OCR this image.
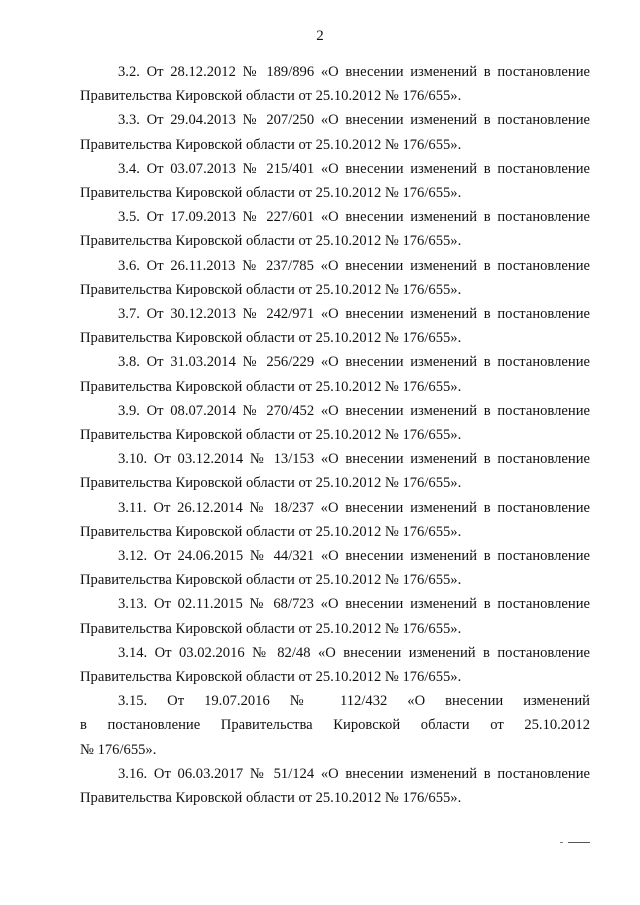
2

3.2. От 28.12.2012 № 189/896 «О внесении изменений в постановление
Правительства Кировской области от 25.10.2012 № 176/655».

3.3. От 29.04.2013 № 207/250 «О внесении изменений в постановление
Правительства Кировской области от 25.10.2012 № 176/655».

3.4. От 03.07.2013 № 215/401 «О внесении изменений в постановление
Правительства Кировской области от 25.10.2012 № 176/655».

3.5. От 17.09.2013 № 227/601 «О внесении изменений в постановление
Правительства Кировской области от 25.10.2012 № 176/655».

3.6. От 26.11.2013 № 237/785 «О внесении изменений в постановление
Правительства Кировской области от 25.10.2012 № 176/655».

3.7. От 30.12.2013 № 242/971 «О внесении изменений в постановление
Правительства Кировской области от 25.10.2012 № 176/655».

3.8. От 31.03.2014 № 256/229 «О внесении изменений в постановление
Правительства Кировской области от 25.10.2012 № 176/655».

3.9. От 08.07.2014 № 270/452 «О внесении изменений в постановление
Правительства Кировской области от 25.10.2012 № 176/655».

3.10. От 03.12.2014 № 13/153 «О внесении изменений в постановление
Правительства Кировской области от 25.10.2012 № 176/655».

3.11. От 26.12.2014 № 18/237 «О внесении изменений в постановление
Правительства Кировской области от 25.10.2012 № 176/655».

3.12. От 24.06.2015 № 44/321 «О внесении изменений в постановление
Правительства Кировской области от 25.10.2012 № 176/655».

3.13. От 02.11.2015 № 68/723 «О внесении изменений в постановление
Правительства Кировской области от 25.10.2012 № 176/655».

3.14. От 03.02.2016 № 82/48 «О внесении изменений в постановление
Правительства Кировской области от 25.10.2012 № 176/655».

3.15. От 19.07.2016 № 112/432 «О внесении изменений
в постановление Правительства Кировской области от 25.10.2012
№ 176/655».

3.16. От 06.03.2017 № 51/124 «О внесении изменений в постановление
Правительства Кировской области от 25.10.2012 № 176/655».
